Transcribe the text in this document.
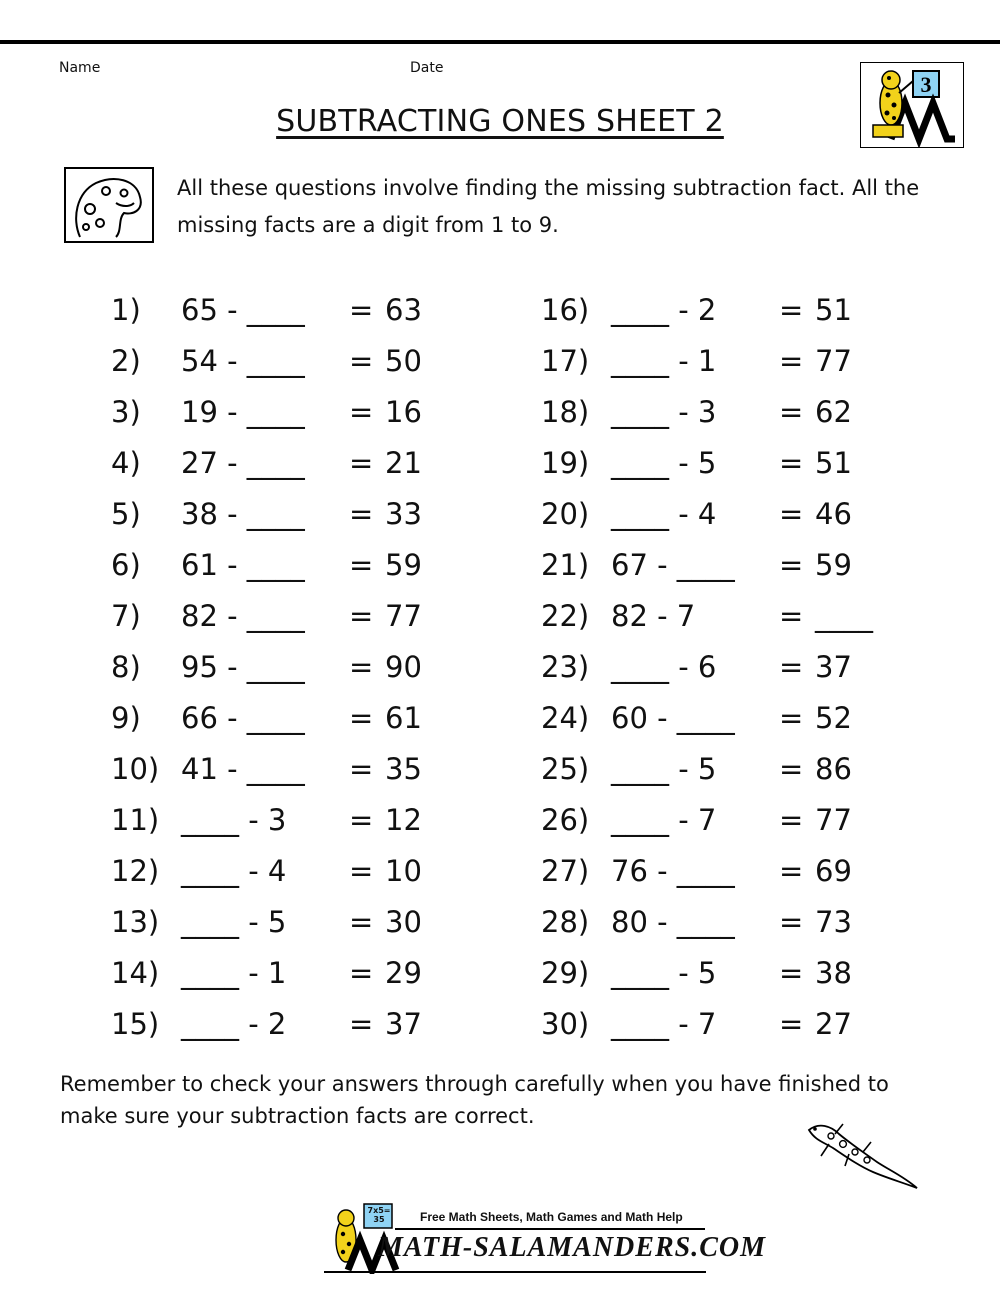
Name	Date
3
SUBTRACTING ONES SHEET 2
All these questions involve finding the missing subtraction fact. All the missing facts are a digit from 1 to 9.
1) 65 - ____ = 63
2) 54 - ____ = 50
3) 19 - ____ = 16
4) 27 - ____ = 21
5) 38 - ____ = 33
6) 61 - ____ = 59
7) 82 - ____ = 77
8) 95 - ____ = 90
9) 66 - ____ = 61
10) 41 - ____ = 35
11) ____ - 3 = 12
12) ____ - 4 = 10
13) ____ - 5 = 30
14) ____ - 1 = 29
15) ____ - 2 = 37
16) ____ - 2 = 51
17) ____ - 1 = 77
18) ____ - 3 = 62
19) ____ - 5 = 51
20) ____ - 4 = 46
21) 67 - ____ = 59
22) 82 - 7	= ____
23) ____ - 6 = 37
24) 60 - ____ = 52
25) ____ - 5 = 86
26) ____ - 7 = 77
27) 76 - ____ = 69
28) 80 - ____ = 73
29) ____ - 5 = 38
30) ____ - 7 = 27
Remember to check your answers through carefully when you have finished to make sure your subtraction facts are correct.
7x5= 35	Free Math Sheets, Math Games and Math Help
MATH-SALAMANDERS.COM
